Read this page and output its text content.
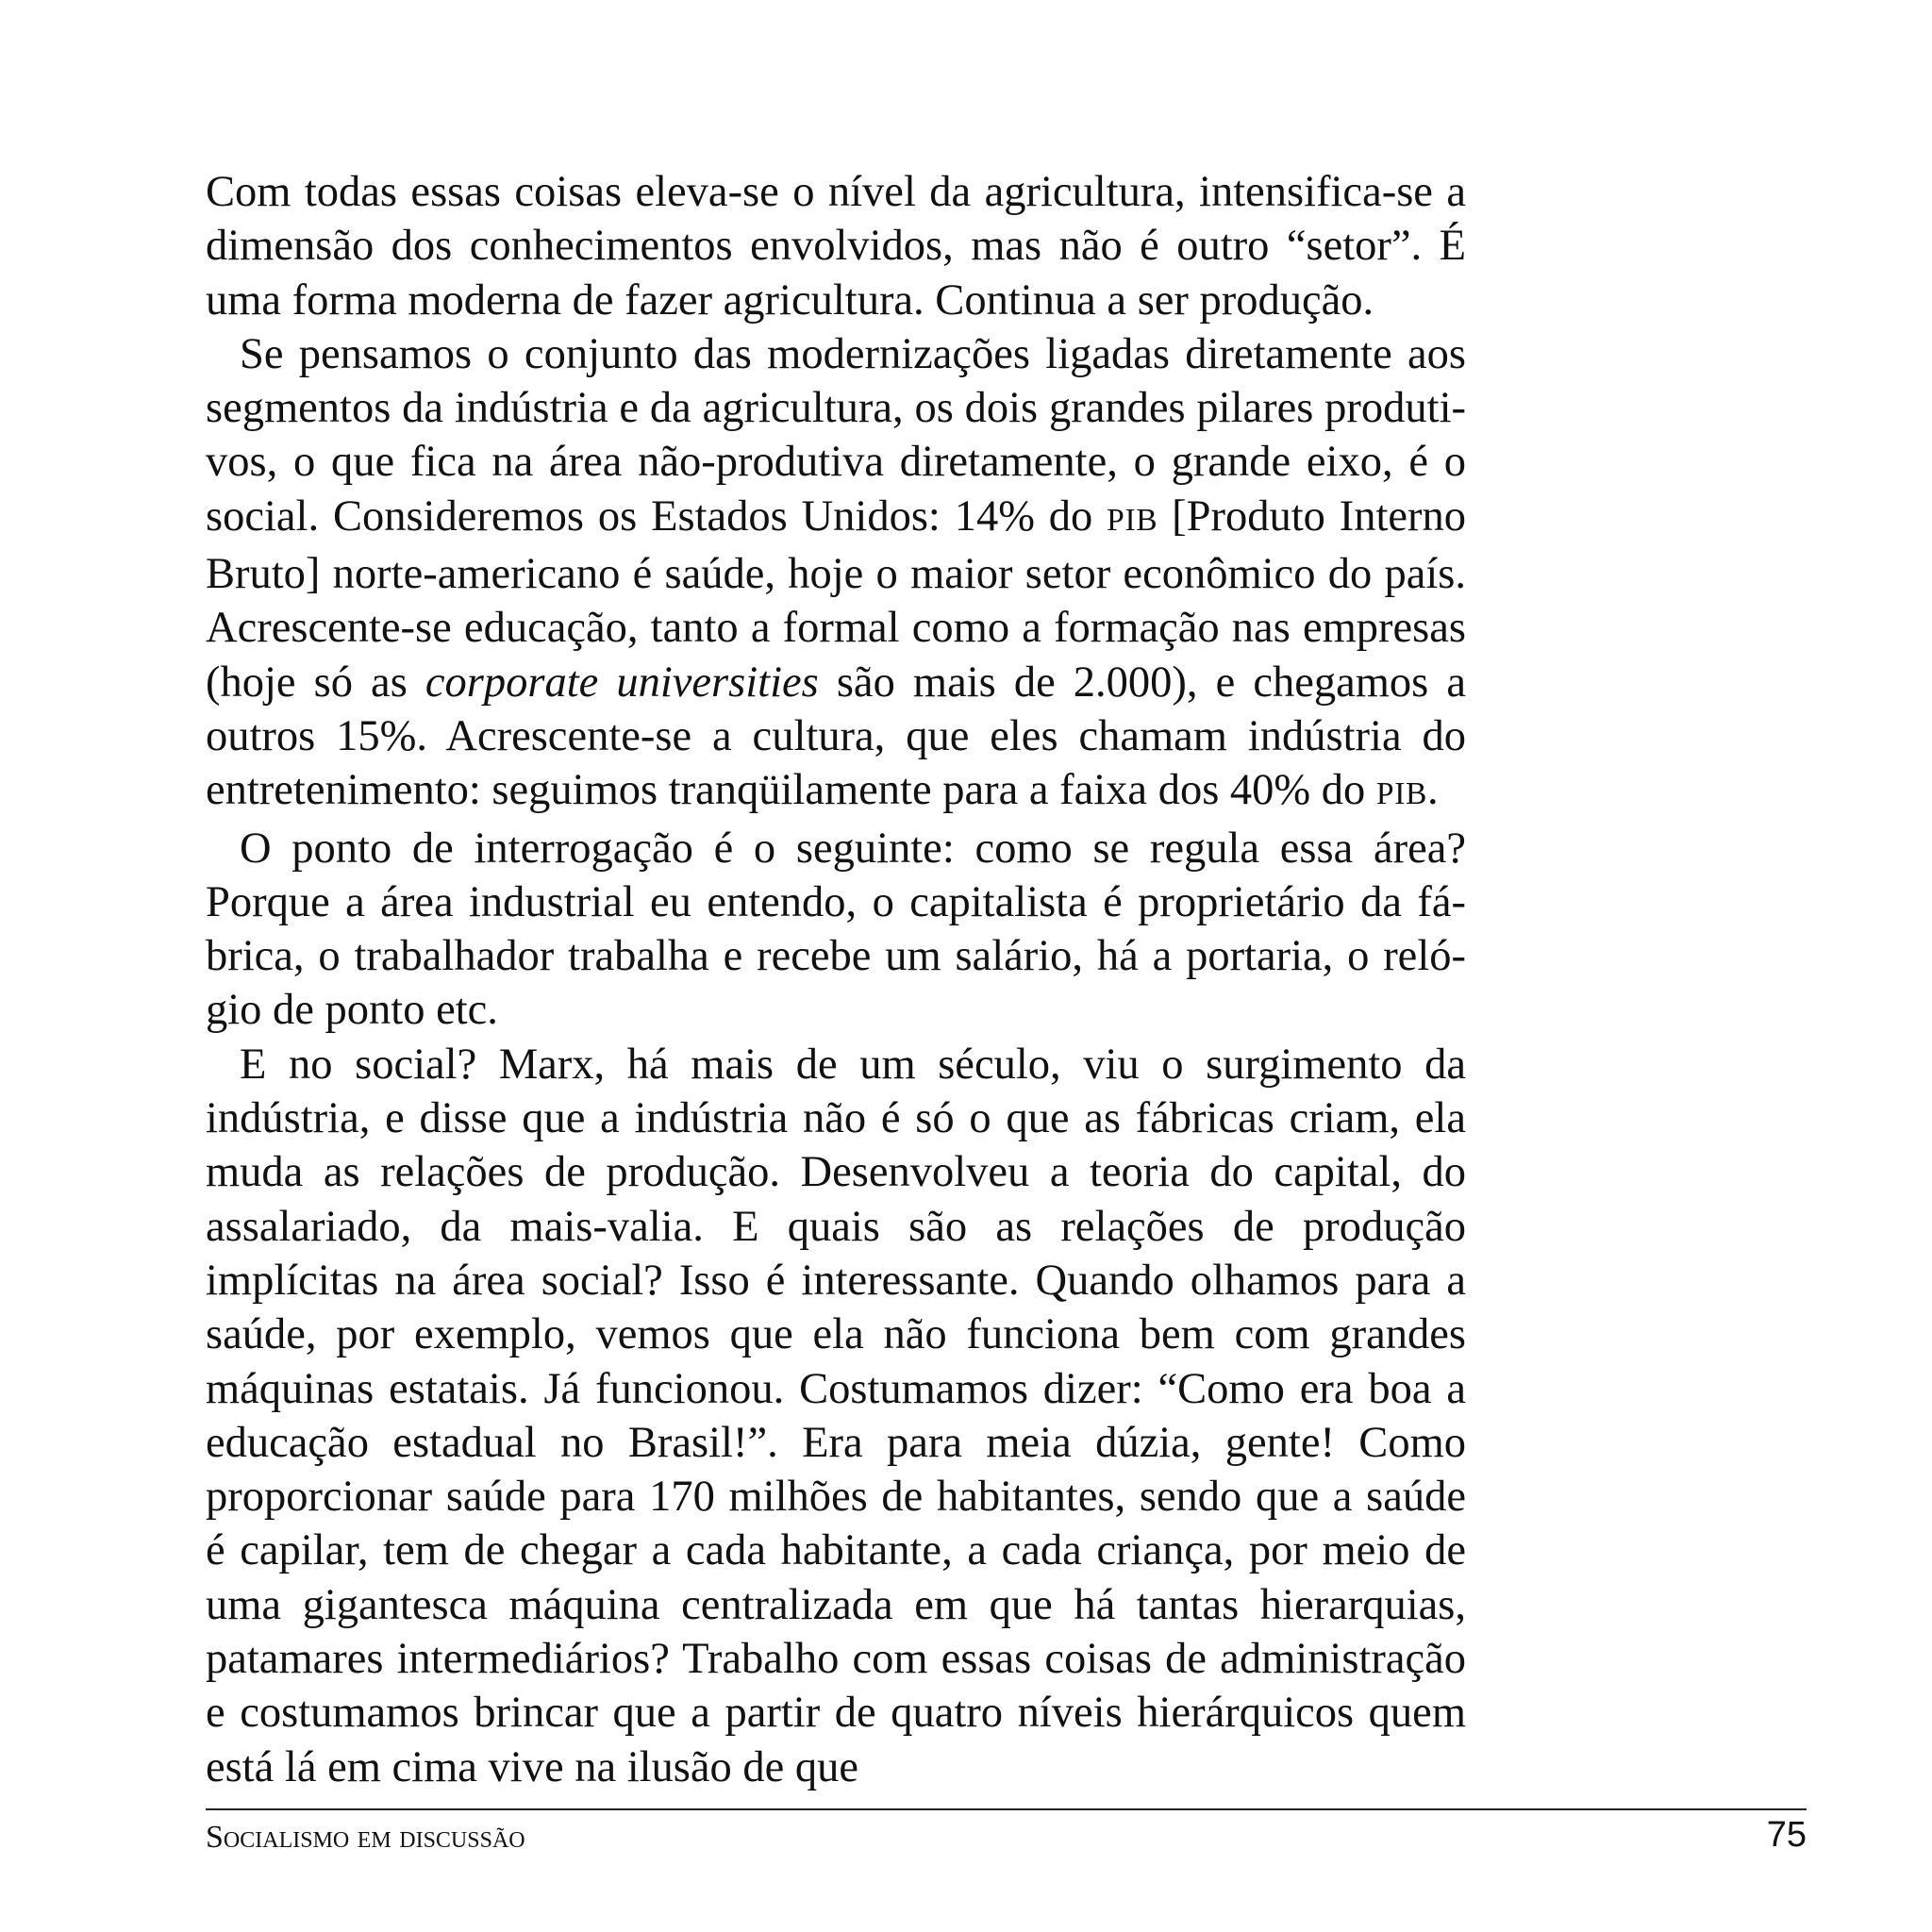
Com todas essas coisas eleva-se o nível da agricultura, intensifica-se a dimensão dos conhecimentos envolvidos, mas não é outro “setor”. É uma forma moderna de fazer agricultura. Continua a ser produção.

Se pensamos o conjunto das modernizações ligadas diretamente aos segmentos da indústria e da agricultura, os dois grandes pilares produtivos, o que fica na área não-produtiva diretamente, o grande eixo, é o social. Consideremos os Estados Unidos: 14% do PIB [Produto Interno Bruto] norte-americano é saúde, hoje o maior setor econômico do país. Acrescente-se educação, tanto a formal como a formação nas empresas (hoje só as corporate universities são mais de 2.000), e chegamos a outros 15%. Acrescente-se a cultura, que eles chamam indústria do entretenimento: seguimos tranqüilamente para a faixa dos 40% do PIB.

O ponto de interrogação é o seguinte: como se regula essa área? Porque a área industrial eu entendo, o capitalista é proprietário da fábrica, o trabalhador trabalha e recebe um salário, há a portaria, o relógio de ponto etc.

E no social? Marx, há mais de um século, viu o surgimento da indústria, e disse que a indústria não é só o que as fábricas criam, ela muda as relações de produção. Desenvolveu a teoria do capital, do assalariado, da mais-valia. E quais são as relações de produção implícitas na área social? Isso é interessante. Quando olhamos para a saúde, por exemplo, vemos que ela não funciona bem com grandes máquinas estatais. Já funcionou. Costumamos dizer: “Como era boa a educação estadual no Brasil!”. Era para meia dúzia, gente! Como proporcionar saúde para 170 milhões de habitantes, sendo que a saúde é capilar, tem de chegar a cada habitante, a cada criança, por meio de uma gigantesca máquina centralizada em que há tantas hierarquias, patamares intermediários? Trabalho com essas coisas de administração e costumamos brincar que a partir de quatro níveis hierárquicos quem está lá em cima vive na ilusão de que

Socialismo em discussão	75
